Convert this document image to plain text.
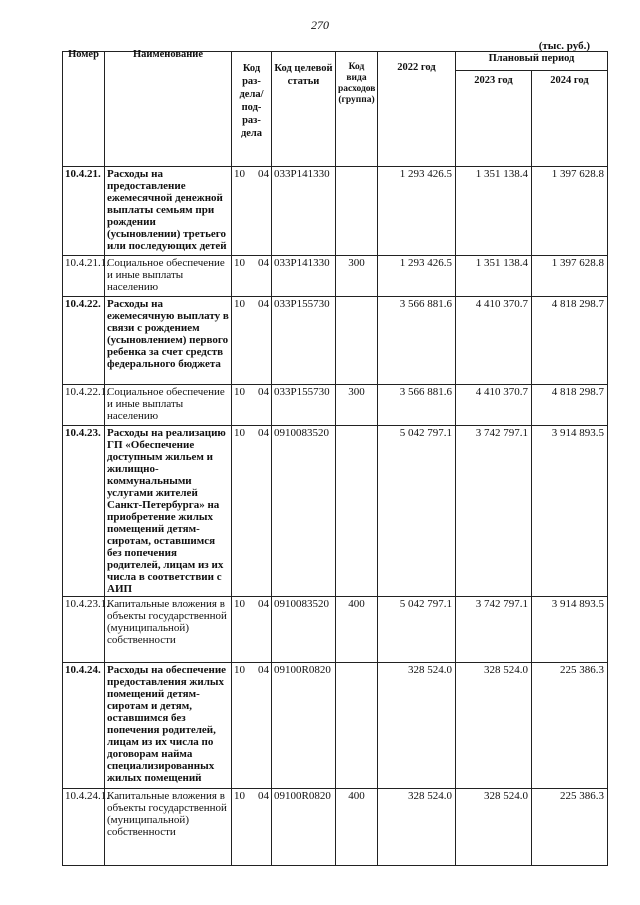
270
(тыс. руб.)
Номер	Наименование	Код раз- дела/ под- раз- дела	Код целевой статьи	Код вида расходов (группа)	2022 год	Плановый период	
						2023 год	2024 год
10.4.21.	Расходы на предоставление ежемесячной денежной выплаты семьям при рождении (усыновлении) третьего или последующих детей	10 04	033P141330		1 293 426.5	1 351 138.4	1 397 628.8
10.4.21.1.	Социальное обеспечение и иные выплаты населению	10 04	033P141330	300	1 293 426.5	1 351 138.4	1 397 628.8
10.4.22.	Расходы на ежемесячную выплату в связи с рождением (усыновлением) первого ребенка за счет средств федерального бюджета	10 04	033P155730		3 566 881.6	4 410 370.7	4 818 298.7
10.4.22.1.	Социальное обеспечение и иные выплаты населению	10 04	033P155730	300	3 566 881.6	4 410 370.7	4 818 298.7
10.4.23.	Расходы на реализацию ГП «Обеспечение доступным жильем и жилищно-коммунальными услугами жителей Санкт-Петербурга» на приобретение жилых помещений детям-сиротам, оставшимся без попечения родителей, лицам из их числа в соответствии с АИП	10 04	0910083520		5 042 797.1	3 742 797.1	3 914 893.5
10.4.23.1.	Капитальные вложения в объекты государственной (муниципальной) собственности	10 04	0910083520	400	5 042 797.1	3 742 797.1	3 914 893.5
10.4.24.	Расходы на обеспечение предоставления жилых помещений детям-сиротам и детям, оставшимся без попечения родителей, лицам из их числа по договорам найма специализированных жилых помещений	10 04	09100R0820		328 524.0	328 524.0	225 386.3
10.4.24.1.	Капитальные вложения в объекты государственной (муниципальной) собственности	10 04	09100R0820	400	328 524.0	328 524.0	225 386.3
